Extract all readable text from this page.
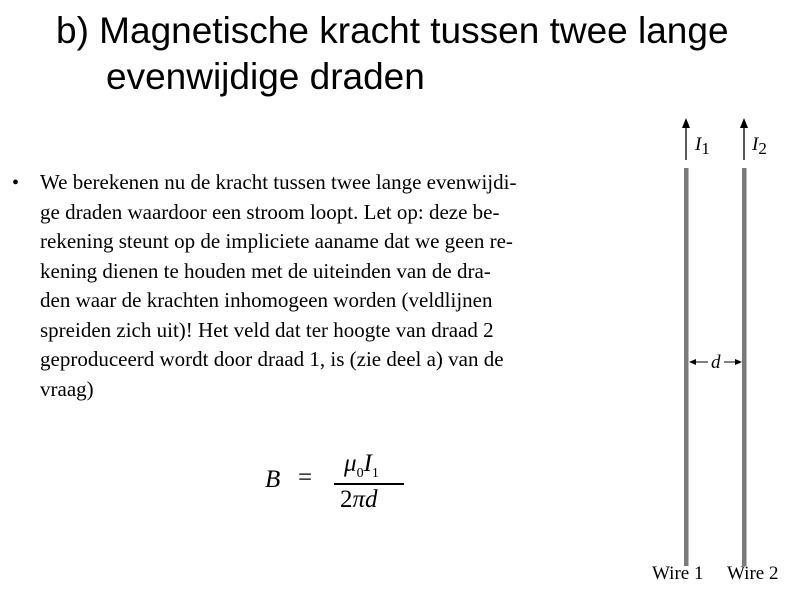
b) Magnetische kracht tussen twee lange
evenwijdige draden
• We berekenen nu de kracht tussen twee lange evenwijdi-
ge draden waardoor een stroom loopt. Let op: deze be-
rekening steunt op de impliciete aaname dat we geen re-
kening dienen te houden met de uiteinden van de dra-
den waar de krachten inhomogeen worden (veldlijnen
spreiden zich uit)! Het veld dat ter hoogte van draad 2
geproduceerd wordt door draad 1, is (zie deel a) van de
vraag)
B =
$\mu_0I_1$
2πd
I1 I2
d
Wire 1 Wire 2
